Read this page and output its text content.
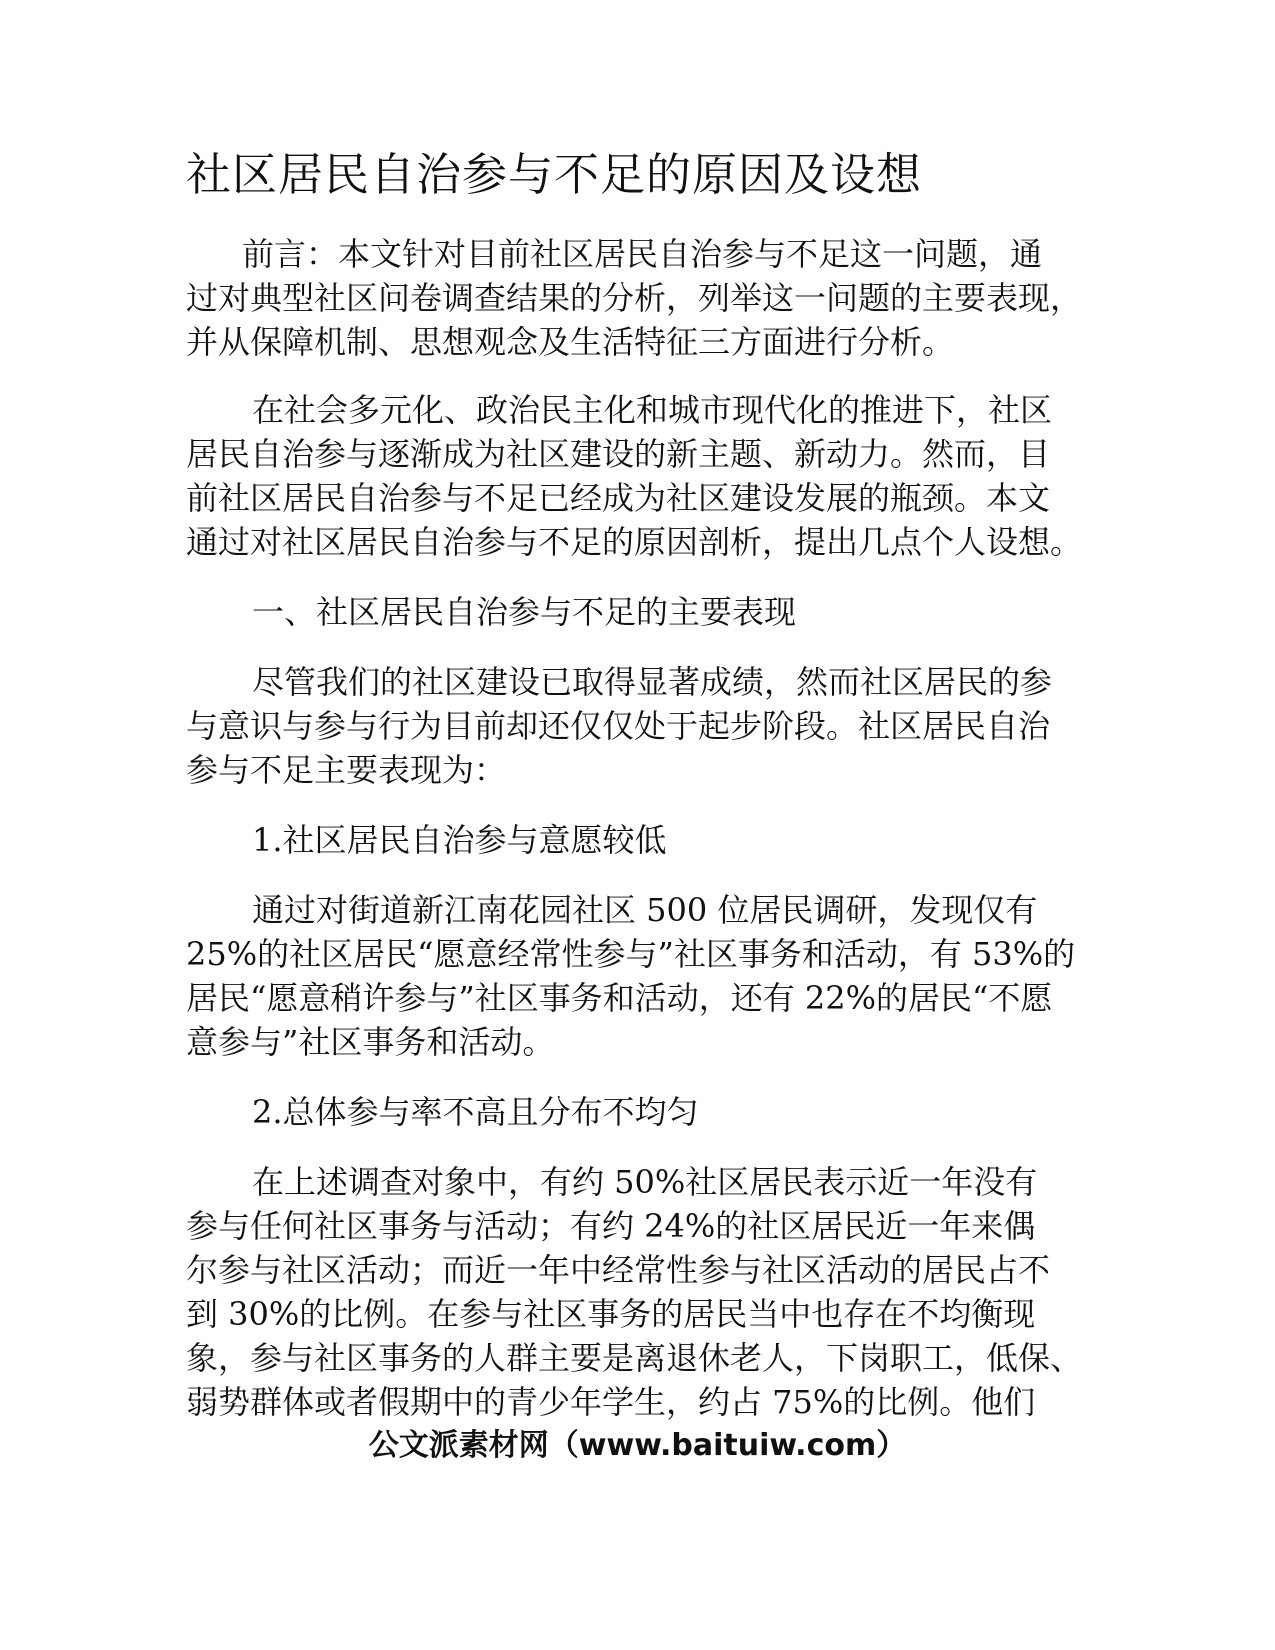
社区居民自治参与不足的原因及设想
前言：本文针对目前社区居民自治参与不足这一问题，通
过对典型社区问卷调查结果的分析，列举这一问题的主要表现，
并从保障机制、思想观念及生活特征三方面进行分析。
在社会多元化、政治民主化和城市现代化的推进下，社区
居民自治参与逐渐成为社区建设的新主题、新动力。然而，目
前社区居民自治参与不足已经成为社区建设发展的瓶颈。本文
通过对社区居民自治参与不足的原因剖析，提出几点个人设想。
一、社区居民自治参与不足的主要表现
尽管我们的社区建设已取得显著成绩，然而社区居民的参
与意识与参与行为目前却还仅仅处于起步阶段。社区居民自治
参与不足主要表现为：
1.社区居民自治参与意愿较低
通过对街道新江南花园社区 500 位居民调研，发现仅有
25%的社区居民“愿意经常性参与”社区事务和活动，有 53%的
居民“愿意稍许参与”社区事务和活动，还有 22%的居民“不愿
意参与”社区事务和活动。
2.总体参与率不高且分布不均匀
在上述调查对象中，有约 50%社区居民表示近一年没有
参与任何社区事务与活动；有约 24%的社区居民近一年来偶
尔参与社区活动；而近一年中经常性参与社区活动的居民占不
到 30%的比例。在参与社区事务的居民当中也存在不均衡现
象，参与社区事务的人群主要是离退休老人，下岗职工，低保、
弱势群体或者假期中的青少年学生，约占 75%的比例。他们
公文派素材网（www.baituiw.com）
